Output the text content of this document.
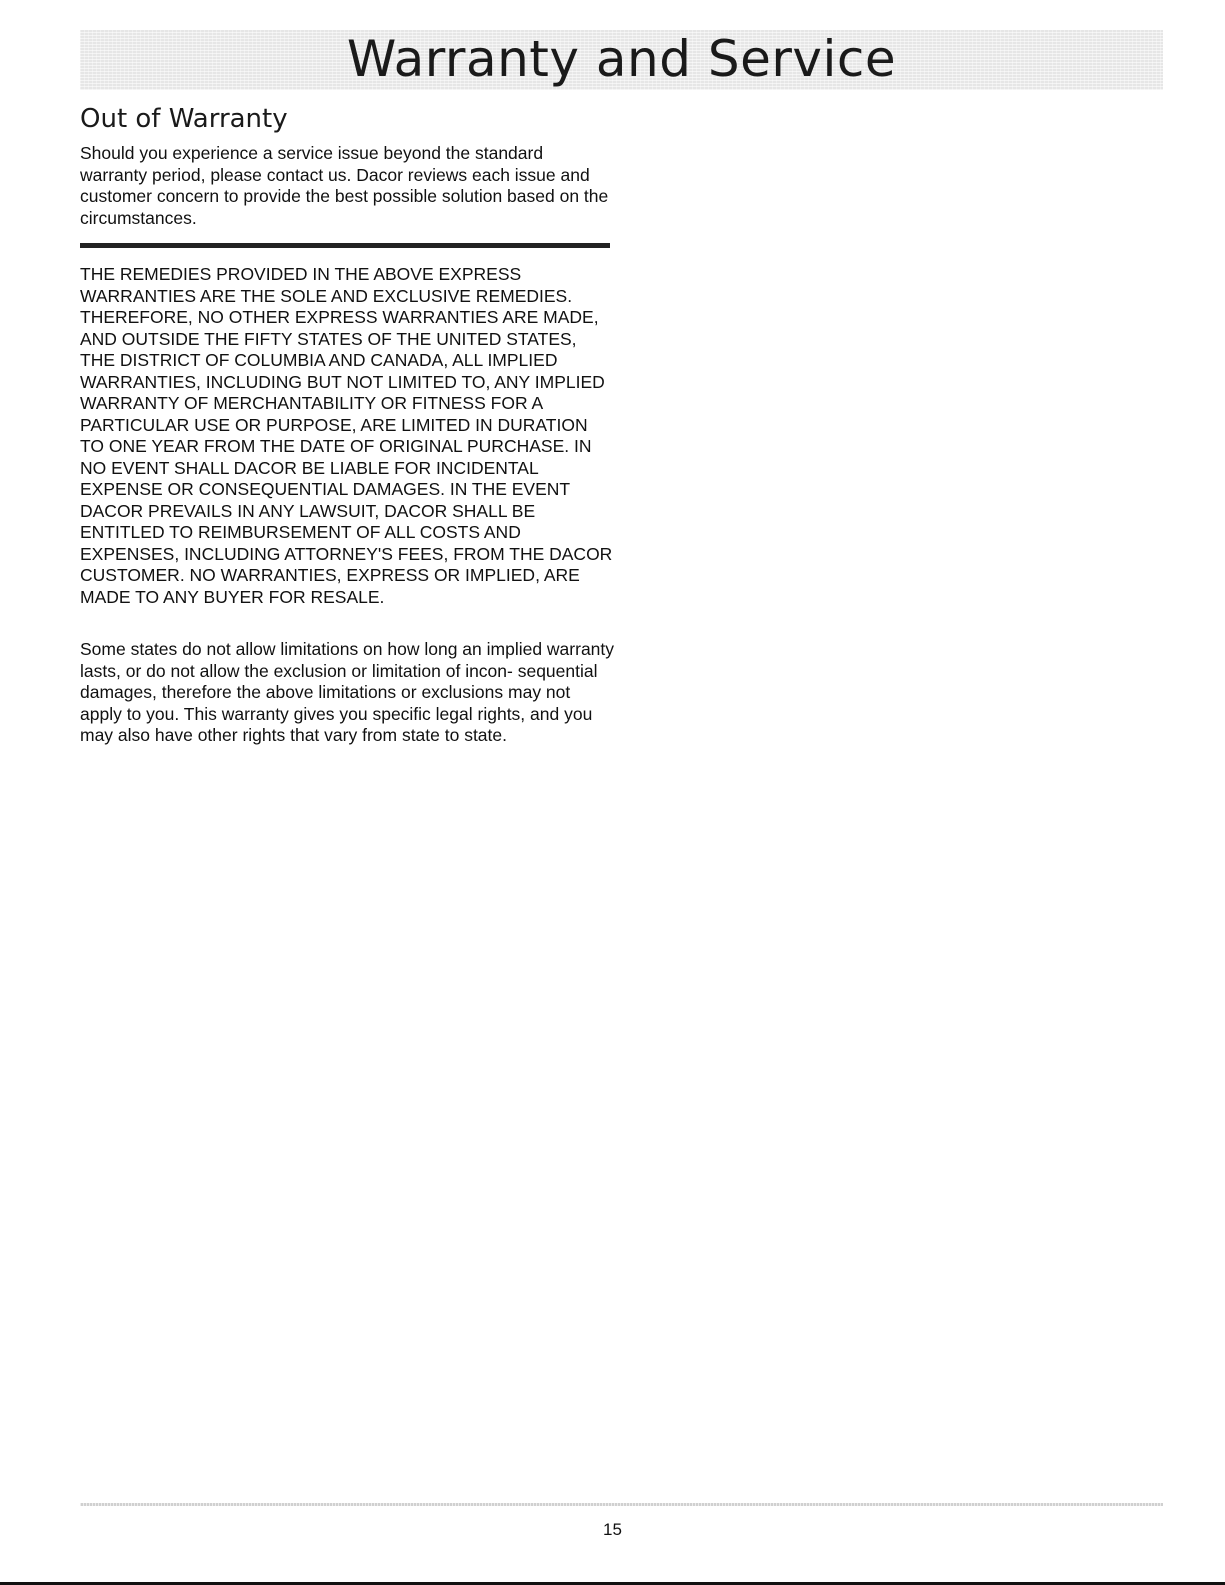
Warranty and Service
Out of Warranty

Should you experience a service issue beyond the standard warranty period, please contact us. Dacor reviews each issue and customer concern to provide the best possible solution based on the circumstances.

THE REMEDIES PROVIDED IN THE ABOVE EXPRESS WARRANTIES ARE THE SOLE AND EXCLUSIVE REMEDIES. THEREFORE, NO OTHER EXPRESS WARRANTIES ARE MADE, AND OUTSIDE THE FIFTY STATES OF THE UNITED STATES, THE DISTRICT OF COLUMBIA AND CANADA, ALL IMPLIED WARRANTIES, INCLUDING BUT NOT LIMITED TO, ANY IMPLIED WARRANTY OF MERCHANTABILITY OR FITNESS FOR A PARTICULAR USE OR PURPOSE, ARE LIMITED IN DURATION TO ONE YEAR FROM THE DATE OF ORIGINAL PURCHASE. IN NO EVENT SHALL DACOR BE LIABLE FOR INCIDENTAL EXPENSE OR CONSEQUENTIAL DAMAGES. IN THE EVENT DACOR PREVAILS IN ANY LAWSUIT, DACOR SHALL BE ENTITLED TO REIMBURSEMENT OF ALL COSTS AND EXPENSES, INCLUDING ATTORNEY'S FEES, FROM THE DACOR CUSTOMER. NO WARRANTIES, EXPRESS OR IMPLIED, ARE MADE TO ANY BUYER FOR RESALE.

Some states do not allow limitations on how long an implied warranty lasts, or do not allow the exclusion or limitation of incon- sequential damages, therefore the above limitations or exclusions may not apply to you. This warranty gives you specific legal rights, and you may also have other rights that vary from state to state.

15
